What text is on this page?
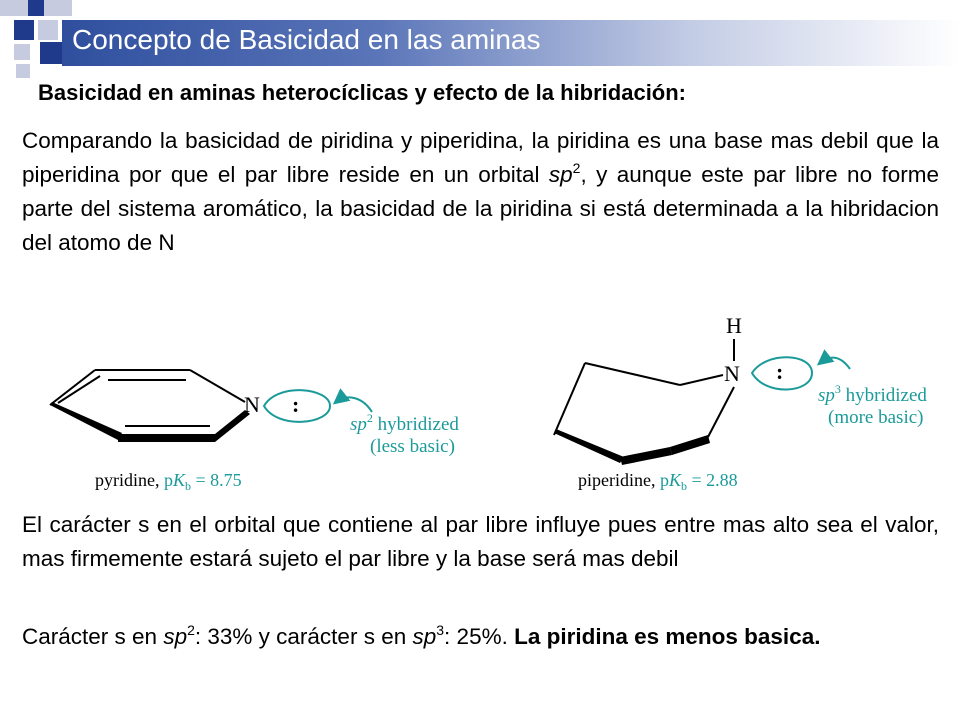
Concepto de Basicidad en las aminas
Basicidad en aminas heterocíclicas y efecto de la hibridación:
Comparando la basicidad de piridina y piperidina, la piridina es una base mas debil que la piperidina por que el par libre reside en un orbital $sp^2$, y aunque este par libre no forme parte del sistema aromático, la basicidad de la piridina si está determinada a la hibridacion del atomo de N
N :
$sp^2$ hybridized
(less basic)
pyridine, $pK_b = 8.75$
H
N :
$sp^3$ hybridized
(more basic)
piperidine, $pK_b = 2.88$
El carácter s en el orbital que contiene al par libre influye pues entre mas alto sea el valor, mas firmemente estará sujeto el par libre y la base será mas debil
Carácter s en $sp^2$: 33% y carácter s en $sp^3$: 25%. La piridina es menos basica.
